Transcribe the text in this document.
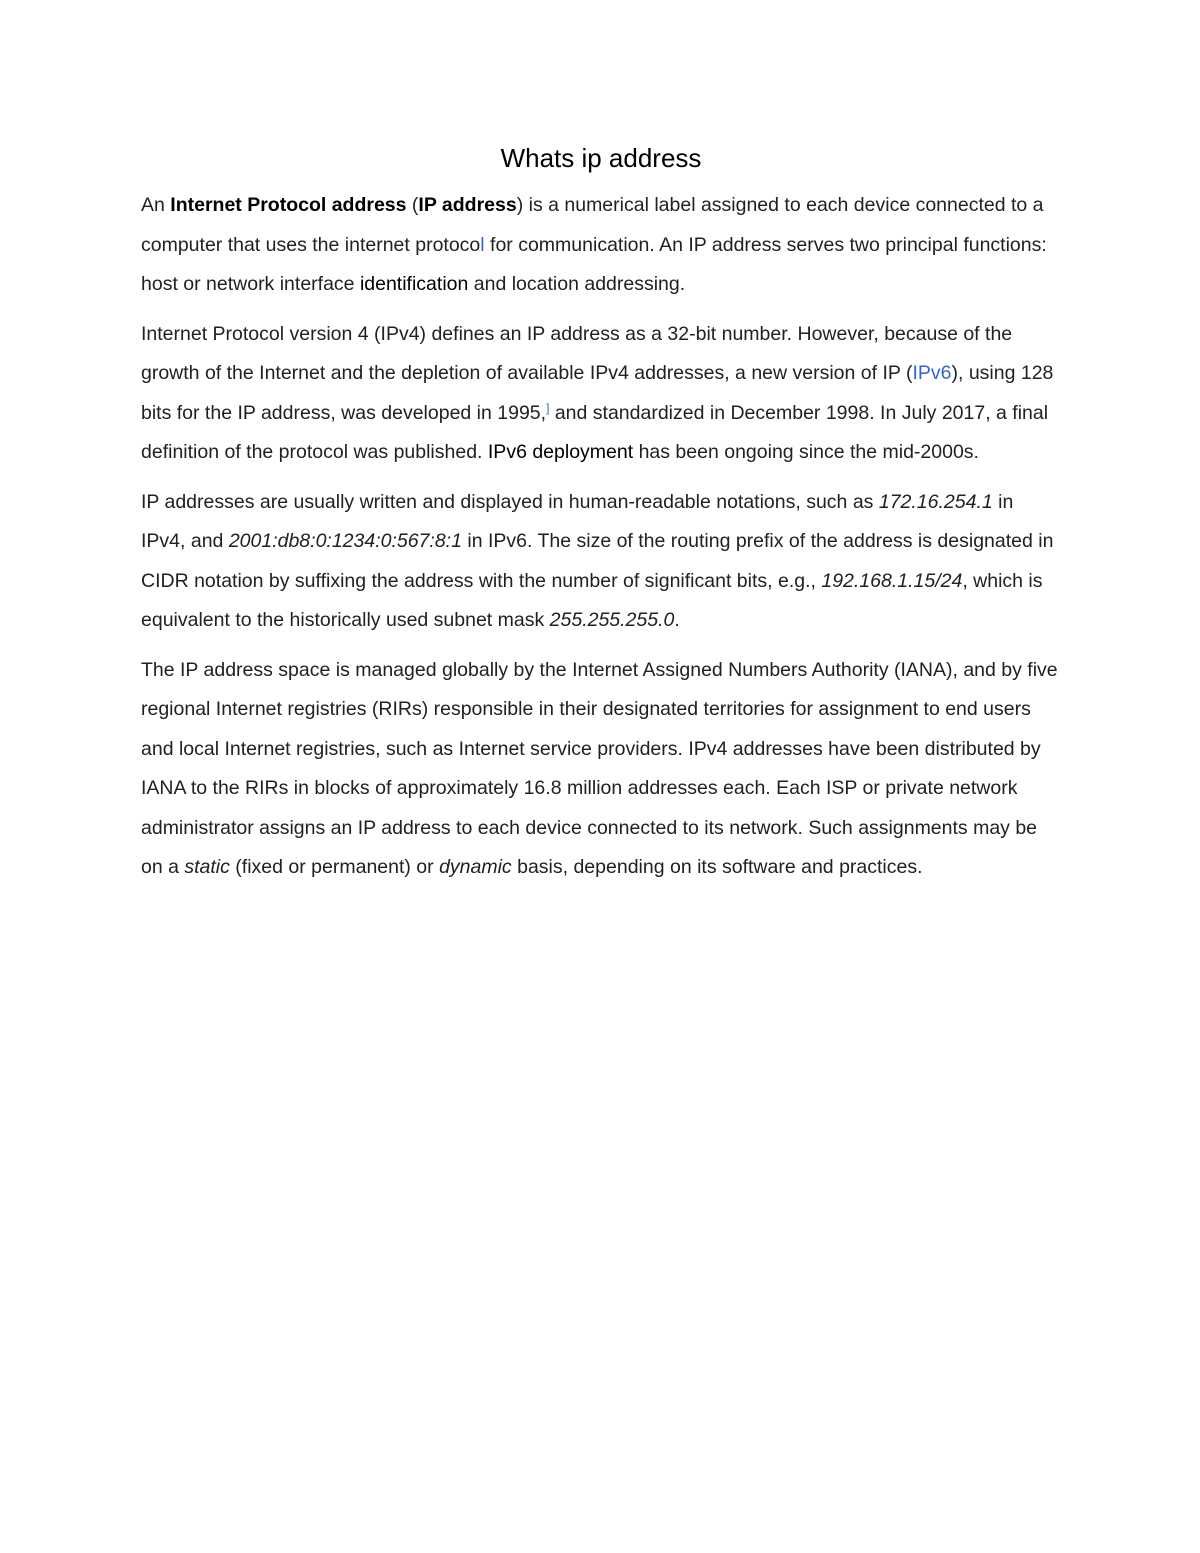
Whats ip address

An Internet Protocol address (IP address) is a numerical label assigned to each device connected to a computer that uses the internet protocol for communication. An IP address serves two principal functions: host or network interface identification and location addressing.

Internet Protocol version 4 (IPv4) defines an IP address as a 32-bit number. However, because of the growth of the Internet and the depletion of available IPv4 addresses, a new version of IP (IPv6), using 128 bits for the IP address, was developed in 1995,] and standardized in December 1998. In July 2017, a final definition of the protocol was published. IPv6 deployment has been ongoing since the mid-2000s.

IP addresses are usually written and displayed in human-readable notations, such as 172.16.254.1 in IPv4, and 2001:db8:0:1234:0:567:8:1 in IPv6. The size of the routing prefix of the address is designated in CIDR notation by suffixing the address with the number of significant bits, e.g., 192.168.1.15/24, which is equivalent to the historically used subnet mask 255.255.255.0.

The IP address space is managed globally by the Internet Assigned Numbers Authority (IANA), and by five regional Internet registries (RIRs) responsible in their designated territories for assignment to end users and local Internet registries, such as Internet service providers. IPv4 addresses have been distributed by IANA to the RIRs in blocks of approximately 16.8 million addresses each. Each ISP or private network administrator assigns an IP address to each device connected to its network. Such assignments may be on a static (fixed or permanent) or dynamic basis, depending on its software and practices.
